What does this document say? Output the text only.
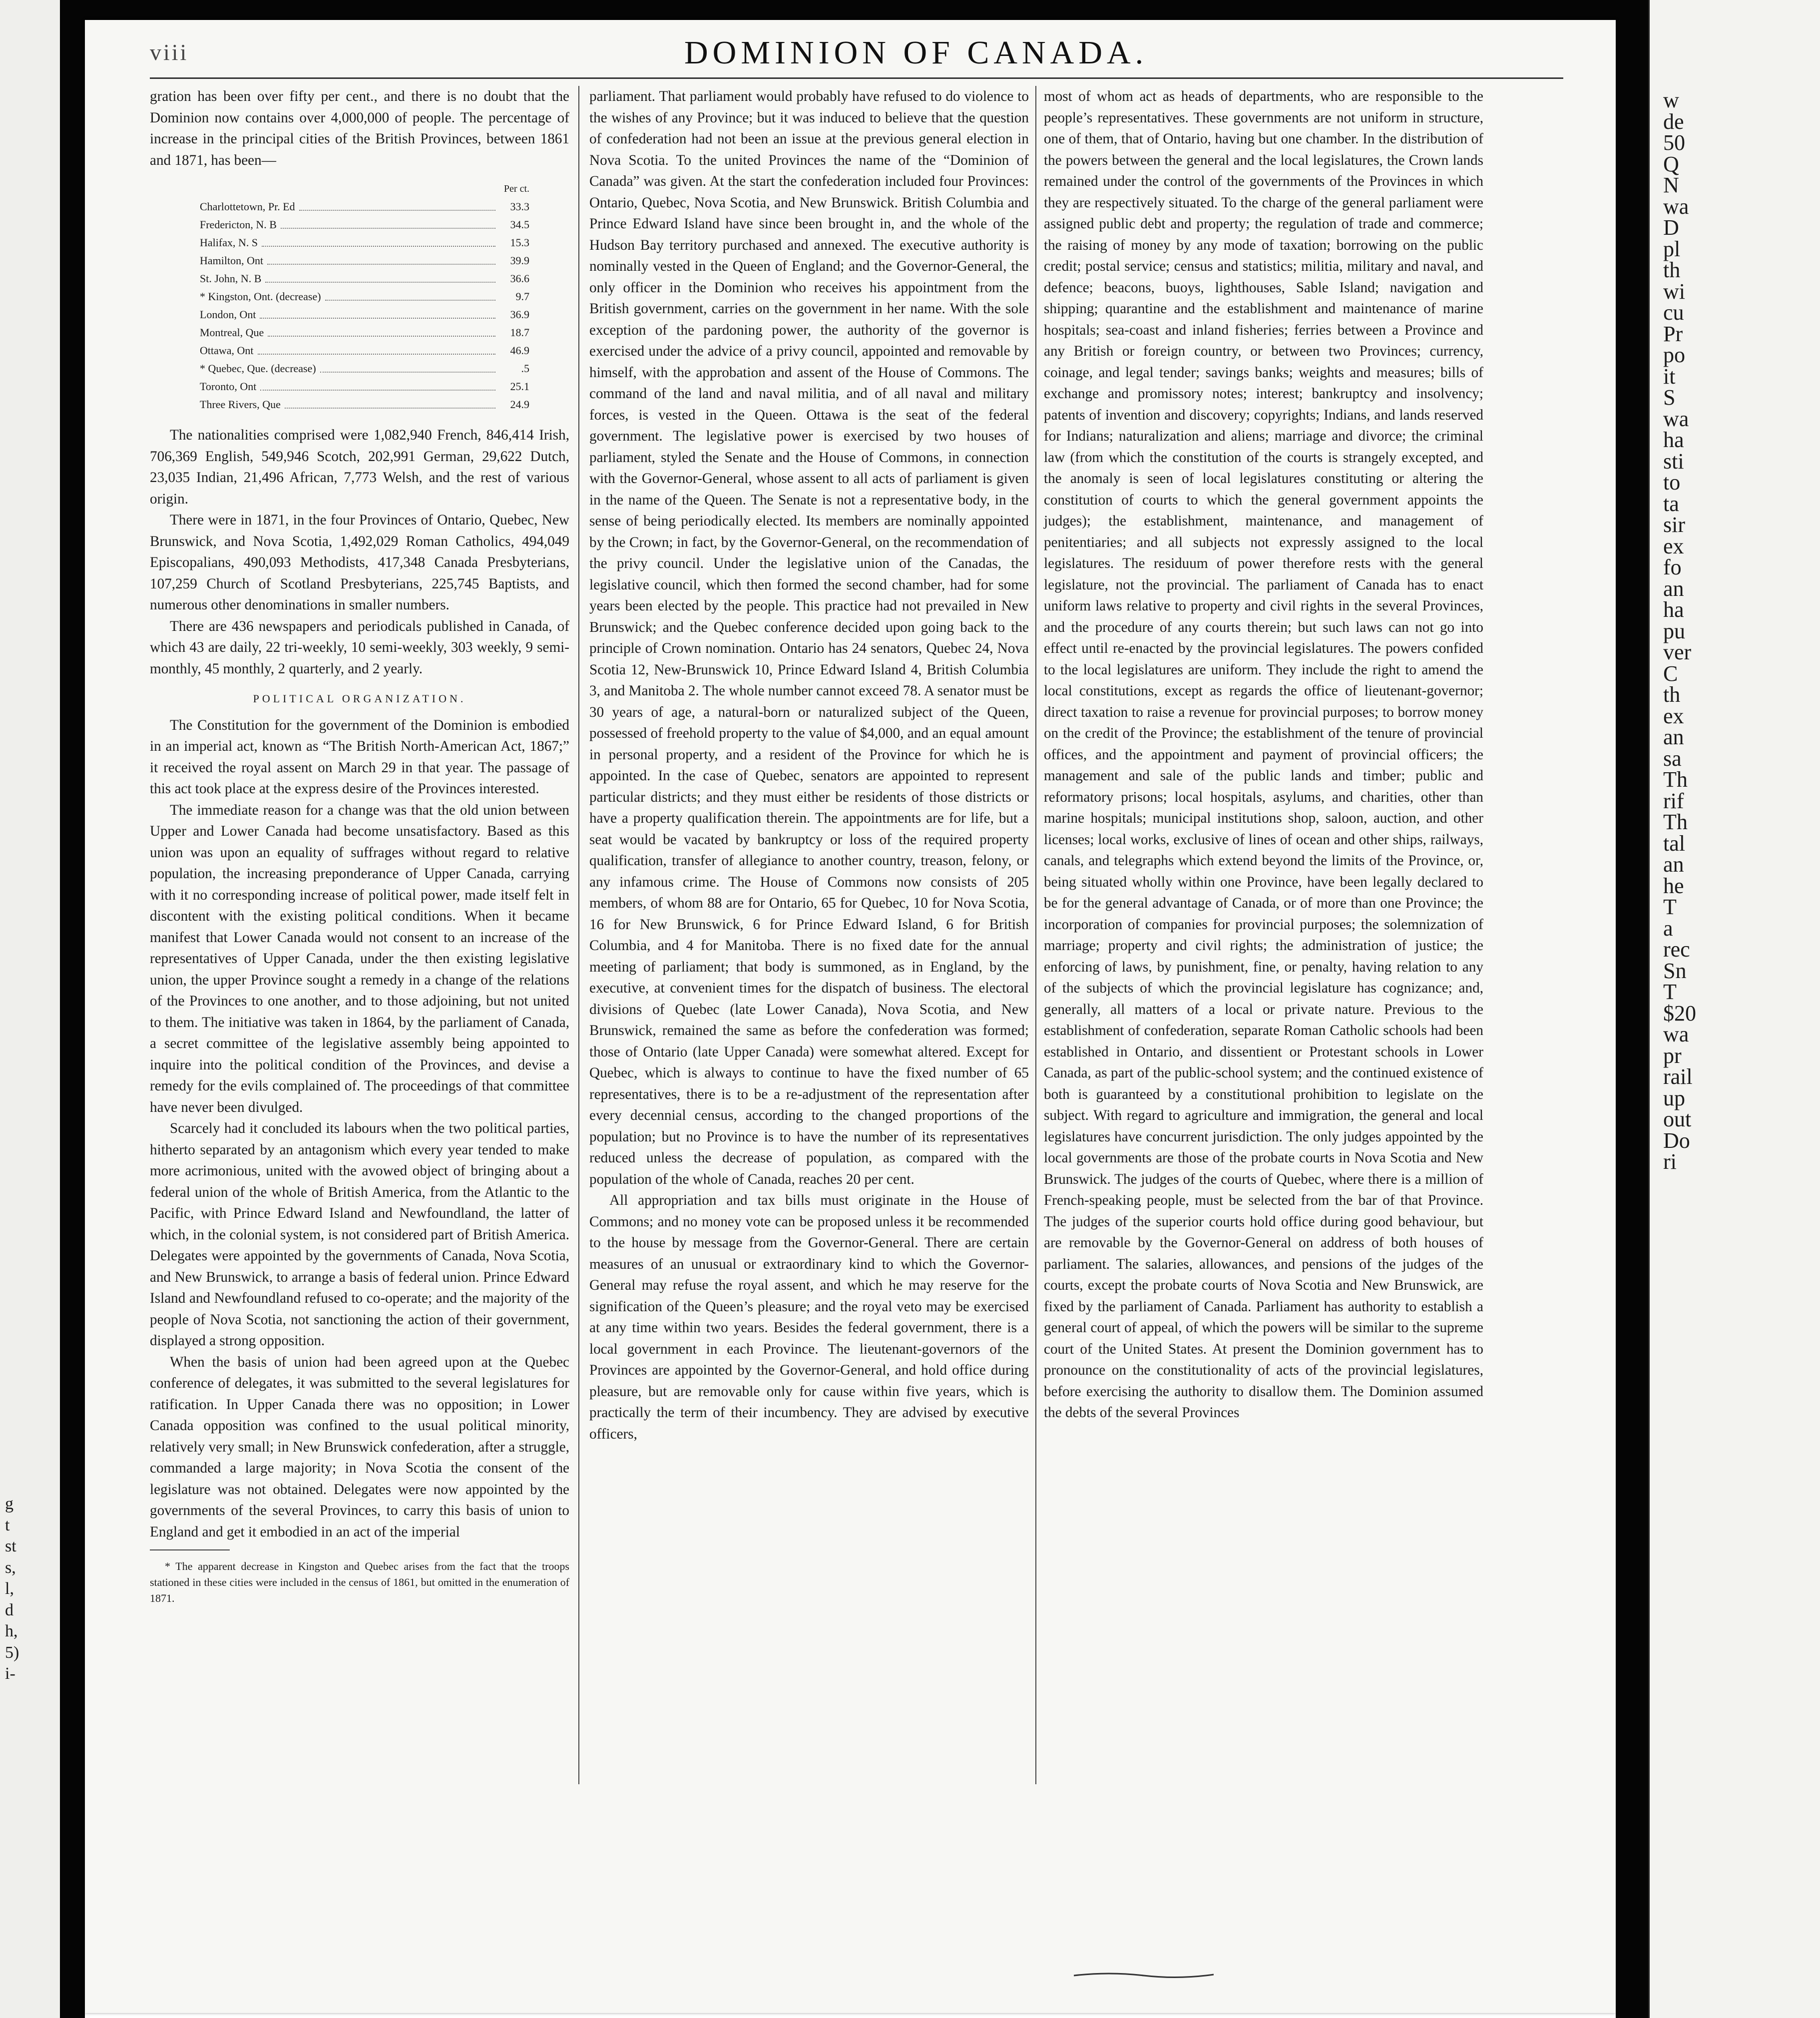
viii	DOMINION OF CANADA.

gration has been over fifty per cent., and there is no doubt that the Dominion now contains over 4,000,000 of people. The percentage of increase in the principal cities of the British Provinces, between 1861 and 1871, has been—

Per ct.
Charlottetown, Pr. Ed	33.3
Fredericton, N. B	34.5
Halifax, N. S	15.3
Hamilton, Ont	39.9
St. John, N. B	36.6
* Kingston, Ont. (decrease)	9.7
London, Ont	36.9
Montreal, Que	18.7
Ottawa, Ont	46.9
* Quebec, Que. (decrease)	.5
Toronto, Ont	25.1
Three Rivers, Que	24.9

The nationalities comprised were 1,082,940 French, 846,414 Irish, 706,369 English, 549,946 Scotch, 202,991 German, 29,622 Dutch, 23,035 Indian, 21,496 African, 7,773 Welsh, and the rest of various origin.

There were in 1871, in the four Provinces of Ontario, Quebec, New Brunswick, and Nova Scotia, 1,492,029 Roman Catholics, 494,049 Episcopalians, 490,093 Methodists, 417,348 Canada Presbyterians, 107,259 Church of Scotland Presbyterians, 225,745 Baptists, and numerous other denominations in smaller numbers.

There are 436 newspapers and periodicals published in Canada, of which 43 are daily, 22 tri-weekly, 10 semi-weekly, 303 weekly, 9 semi-monthly, 45 monthly, 2 quarterly, and 2 yearly.

POLITICAL ORGANIZATION.

The Constitution for the government of the Dominion is embodied in an imperial act, known as “The British North-American Act, 1867;” it received the royal assent on March 29 in that year. The passage of this act took place at the express desire of the Provinces interested.

The immediate reason for a change was that the old union between Upper and Lower Canada had become unsatisfactory. Based as this union was upon an equality of suffrages without regard to relative population, the increasing preponderance of Upper Canada, carrying with it no corresponding increase of political power, made itself felt in discontent with the existing political conditions. When it became manifest that Lower Canada would not consent to an increase of the representatives of Upper Canada, under the then existing legislative union, the upper Province sought a remedy in a change of the relations of the Provinces to one another, and to those adjoining, but not united to them. The initiative was taken in 1864, by the parliament of Canada, a secret committee of the legislative assembly being appointed to inquire into the political condition of the Provinces, and devise a remedy for the evils complained of. The proceedings of that committee have never been divulged.

Scarcely had it concluded its labours when the two political parties, hitherto separated by an antagonism which every year tended to make more acrimonious, united with the avowed object of bringing about a federal union of the whole of British America, from the Atlantic to the Pacific, with Prince Edward Island and Newfoundland, the latter of which, in the colonial system, is not considered part of British America. Delegates were appointed by the governments of Canada, Nova Scotia, and New Brunswick, to arrange a basis of federal union. Prince Edward Island and Newfoundland refused to co-operate; and the majority of the people of Nova Scotia, not sanctioning the action of their government, displayed a strong opposition.

When the basis of union had been agreed upon at the Quebec conference of delegates, it was submitted to the several legislatures for ratification. In Upper Canada there was no opposition; in Lower Canada opposition was confined to the usual political minority, relatively very small; in New Brunswick confederation, after a struggle, commanded a large majority; in Nova Scotia the consent of the legislature was not obtained. Delegates were now appointed by the governments of the several Provinces, to carry this basis of union to England and get it embodied in an act of the imperial

* The apparent decrease in Kingston and Quebec arises from the fact that the troops stationed in these cities were included in the census of 1861, but omitted in the enumeration of 1871.

parliament. That parliament would probably have refused to do violence to the wishes of any Province; but it was induced to believe that the question of confederation had not been an issue at the previous general election in Nova Scotia. To the united Provinces the name of the “Dominion of Canada” was given. At the start the confederation included four Provinces: Ontario, Quebec, Nova Scotia, and New Brunswick. British Columbia and Prince Edward Island have since been brought in, and the whole of the Hudson Bay territory purchased and annexed. The executive authority is nominally vested in the Queen of England; and the Governor-General, the only officer in the Dominion who receives his appointment from the British government, carries on the government in her name. With the sole exception of the pardoning power, the authority of the governor is exercised under the advice of a privy council, appointed and removable by himself, with the approbation and assent of the House of Commons. The command of the land and naval militia, and of all naval and military forces, is vested in the Queen. Ottawa is the seat of the federal government. The legislative power is exercised by two houses of parliament, styled the Senate and the House of Commons, in connection with the Governor-General, whose assent to all acts of parliament is given in the name of the Queen. The Senate is not a representative body, in the sense of being periodically elected. Its members are nominally appointed by the Crown; in fact, by the Governor-General, on the recommendation of the privy council. Under the legislative union of the Canadas, the legislative council, which then formed the second chamber, had for some years been elected by the people. This practice had not prevailed in New Brunswick; and the Quebec conference decided upon going back to the principle of Crown nomination. Ontario has 24 senators, Quebec 24, Nova Scotia 12, New-Brunswick 10, Prince Edward Island 4, British Columbia 3, and Manitoba 2. The whole number cannot exceed 78. A senator must be 30 years of age, a natural-born or naturalized subject of the Queen, possessed of freehold property to the value of $4,000, and an equal amount in personal property, and a resident of the Province for which he is appointed. In the case of Quebec, senators are appointed to represent particular districts; and they must either be residents of those districts or have a property qualification therein. The appointments are for life, but a seat would be vacated by bankruptcy or loss of the required property qualification, transfer of allegiance to another country, treason, felony, or any infamous crime. The House of Commons now consists of 205 members, of whom 88 are for Ontario, 65 for Quebec, 10 for Nova Scotia, 16 for New Brunswick, 6 for Prince Edward Island, 6 for British Columbia, and 4 for Manitoba. There is no fixed date for the annual meeting of parliament; that body is summoned, as in England, by the executive, at convenient times for the dispatch of business. The electoral divisions of Quebec (late Lower Canada), Nova Scotia, and New Brunswick, remained the same as before the confederation was formed; those of Ontario (late Upper Canada) were somewhat altered. Except for Quebec, which is always to continue to have the fixed number of 65 representatives, there is to be a re-adjustment of the representation after every decennial census, according to the changed proportions of the population; but no Province is to have the number of its representatives reduced unless the decrease of population, as compared with the population of the whole of Canada, reaches 20 per cent.

All appropriation and tax bills must originate in the House of Commons; and no money vote can be proposed unless it be recommended to the house by message from the Governor-General. There are certain measures of an unusual or extraordinary kind to which the Governor-General may refuse the royal assent, and which he may reserve for the signification of the Queen’s pleasure; and the royal veto may be exercised at any time within two years. Besides the federal government, there is a local government in each Province. The lieutenant-governors of the Provinces are appointed by the Governor-General, and hold office during pleasure, but are removable only for cause within five years, which is practically the term of their incumbency. They are advised by executive officers,

most of whom act as heads of departments, who are responsible to the people’s representatives. These governments are not uniform in structure, one of them, that of Ontario, having but one chamber. In the distribution of the powers between the general and the local legislatures, the Crown lands remained under the control of the governments of the Provinces in which they are respectively situated. To the charge of the general parliament were assigned public debt and property; the regulation of trade and commerce; the raising of money by any mode of taxation; borrowing on the public credit; postal service; census and statistics; militia, military and naval, and defence; beacons, buoys, lighthouses, Sable Island; navigation and shipping; quarantine and the establishment and maintenance of marine hospitals; sea-coast and inland fisheries; ferries between a Province and any British or foreign country, or between two Provinces; currency, coinage, and legal tender; savings banks; weights and measures; bills of exchange and promissory notes; interest; bankruptcy and insolvency; patents of invention and discovery; copyrights; Indians, and lands reserved for Indians; naturalization and aliens; marriage and divorce; the criminal law (from which the constitution of the courts is strangely excepted, and the anomaly is seen of local legislatures constituting or altering the constitution of courts to which the general government appoints the judges); the establishment, maintenance, and management of penitentiaries; and all subjects not expressly assigned to the local legislatures. The residuum of power therefore rests with the general legislature, not the provincial. The parliament of Canada has to enact uniform laws relative to property and civil rights in the several Provinces, and the procedure of any courts therein; but such laws can not go into effect until re-enacted by the provincial legislatures. The powers confided to the local legislatures are uniform. They include the right to amend the local constitutions, except as regards the office of lieutenant-governor; direct taxation to raise a revenue for provincial purposes; to borrow money on the credit of the Province; the establishment of the tenure of provincial offices, and the appointment and payment of provincial officers; the management and sale of the public lands and timber; public and reformatory prisons; local hospitals, asylums, and charities, other than marine hospitals; municipal institutions shop, saloon, auction, and other licenses; local works, exclusive of lines of ocean and other ships, railways, canals, and telegraphs which extend beyond the limits of the Province, or, being situated wholly within one Province, have been legally declared to be for the general advantage of Canada, or of more than one Province; the incorporation of companies for provincial purposes; the solemnization of marriage; property and civil rights; the administration of justice; the enforcing of laws, by punishment, fine, or penalty, having relation to any of the subjects of which the provincial legislature has cognizance; and, generally, all matters of a local or private nature. Previous to the establishment of confederation, separate Roman Catholic schools had been established in Ontario, and dissentient or Protestant schools in Lower Canada, as part of the public-school system; and the continued existence of both is guaranteed by a constitutional prohibition to legislate on the subject. With regard to agriculture and immigration, the general and local legislatures have concurrent jurisdiction. The only judges appointed by the local governments are those of the probate courts in Nova Scotia and New Brunswick. The judges of the courts of Quebec, where there is a million of French-speaking people, must be selected from the bar of that Province. The judges of the superior courts hold office during good behaviour, but are removable by the Governor-General on address of both houses of parliament. The salaries, allowances, and pensions of the judges of the courts, except the probate courts of Nova Scotia and New Brunswick, are fixed by the parliament of Canada. Parliament has authority to establish a general court of appeal, of which the powers will be similar to the supreme court of the United States. At present the Dominion government has to pronounce on the constitutionality of acts of the provincial legislatures, before exercising the authority to disallow them. The Dominion assumed the debts of the several Provinces

w
de
50
Q
N
wa
D
pl
th
wi
cu
Pr
po
it
S
wa
ha
sti
to
ta
sir
ex
fo
an
ha
pu
ver
C
th
ex
an
sa
Th
rif
Th
tal
an
he
T
a
rec
Sn
T
$20
wa
pr
rail
up
out
Do
ri
g
t
st
s,
l,
d
h,
5)
i-
